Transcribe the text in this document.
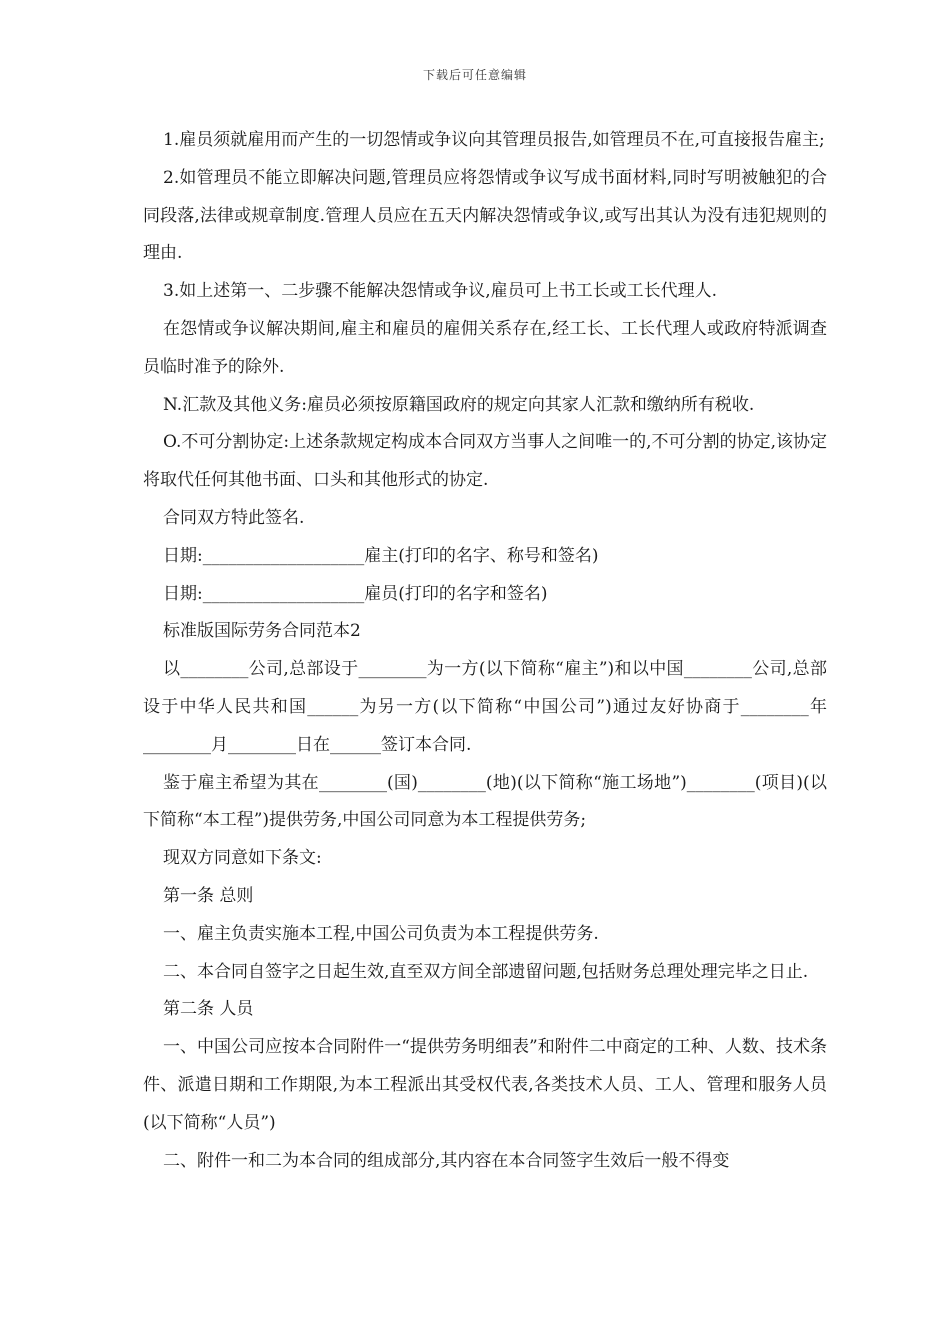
下载后可任意编辑

1.雇员须就雇用而产生的一切怨情或争议向其管理员报告,如管理员不在,可直接报告雇主;

2.如管理员不能立即解决问题,管理员应将怨情或争议写成书面材料,同时写明被触犯的合同段落,法律或规章制度.管理人员应在五天内解决怨情或争议,或写出其认为没有违犯规则的理由.

3.如上述第一、二步骤不能解决怨情或争议,雇员可上书工长或工长代理人.

在怨情或争议解决期间,雇主和雇员的雇佣关系存在,经工长、工长代理人或政府特派调查员临时准予的除外.

N.汇款及其他义务:雇员必须按原籍国政府的规定向其家人汇款和缴纳所有税收.

O.不可分割协定:上述条款规定构成本合同双方当事人之间唯一的,不可分割的协定,该协定将取代任何其他书面、口头和其他形式的协定.

合同双方特此签名.

日期:___________________雇主(打印的名字、称号和签名)

日期:___________________雇员(打印的名字和签名)

标准版国际劳务合同范本2

以________公司,总部设于________为一方(以下简称“雇主”)和以中国________公司,总部设于中华人民共和国______为另一方(以下简称“中国公司”)通过友好协商于________年________月________日在______签订本合同.

鉴于雇主希望为其在________(国)________(地)(以下简称“施工场地”)________(项目)(以下简称“本工程”)提供劳务,中国公司同意为本工程提供劳务;

现双方同意如下条文:

第一条 总则

一、雇主负责实施本工程,中国公司负责为本工程提供劳务.

二、本合同自签字之日起生效,直至双方间全部遗留问题,包括财务总理处理完毕之日止.

第二条 人员

一、中国公司应按本合同附件一“提供劳务明细表”和附件二中商定的工种、人数、技术条件、派遣日期和工作期限,为本工程派出其受权代表,各类技术人员、工人、管理和服务人员(以下简称“人员”)

二、附件一和二为本合同的组成部分,其内容在本合同签字生效后一般不得变
